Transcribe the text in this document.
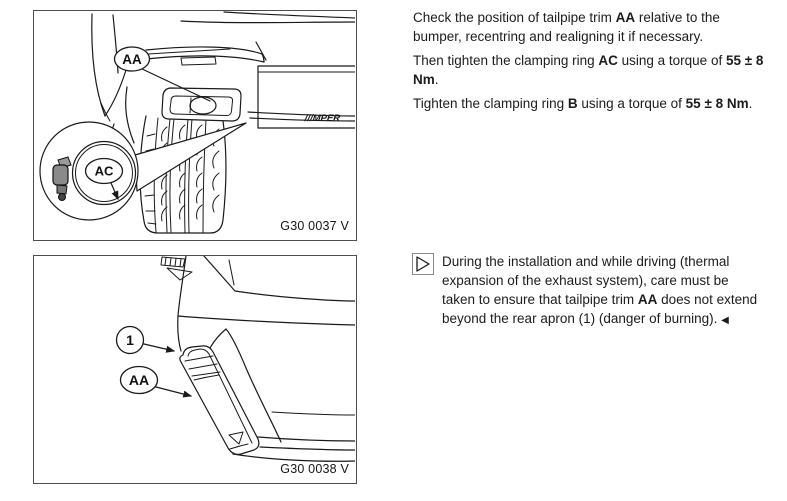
///MPER
AC
AA
G30 0037 V
1
AA
G30 0038 V

Check the position of tailpipe trim AA relative to the bumper, recentring and realigning it if necessary.

Then tighten the clamping ring AC using a torque of 55 ± 8 Nm.

Tighten the clamping ring B using a torque of 55 ± 8 Nm.

During the installation and while driving (thermal expansion of the exhaust system), care must be taken to ensure that tailpipe trim AA does not extend beyond the rear apron (1) (danger of burning). ◀
